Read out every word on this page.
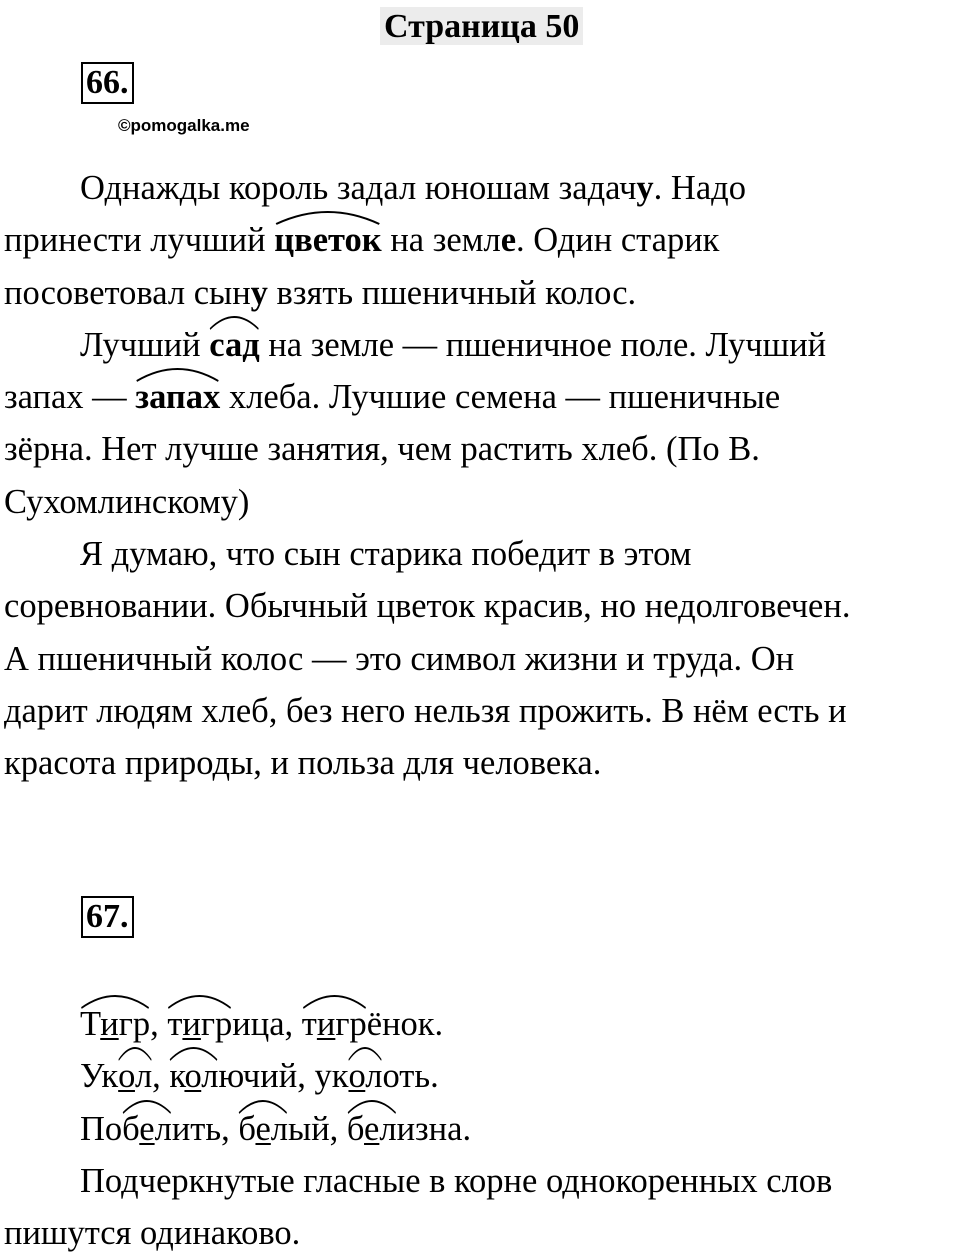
Страница 50
66.
©pomogalka.me
Однажды король задал юношам задачу. Надо
принести лучший
цветок на земле. Один старик
посоветовал сыну взять пшеничный колос.
Лучший
сад на земле — пшеничное поле. Лучший
запах —
запах хлеба. Лучшие семена — пшеничные
зёрна. Нет лучше занятия, чем растить хлеб. (По В.
Сухомлинскому)
Я думаю, что сын старика победит в этом
соревновании. Обычный цветок красив, но недолговечен.
А пшеничный колос — это символ жизни и труда. Он
дарит людям хлеб, без него нельзя прожить. В нём есть и
красота природы, и польза для человека.
67.
Тигр,
тигрица,
тигрёнок.
Ук
ол,
колючий, ук
олоть.
По
белить,
белый,
белизна.
Подчеркнутые гласные в корне однокоренных слов
пишутся одинаково.
